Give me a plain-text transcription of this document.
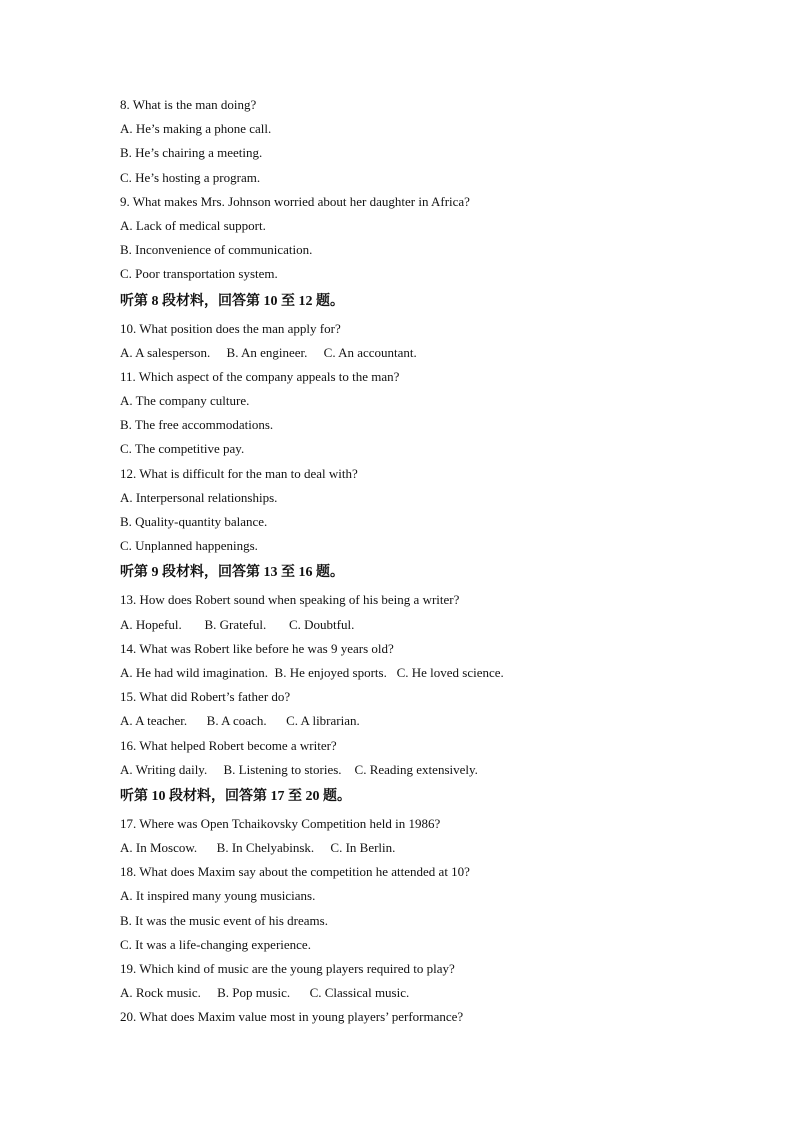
8. What is the man doing?
A. He’s making a phone call.
B. He’s chairing a meeting.
C. He’s hosting a program.
9. What makes Mrs. Johnson worried about her daughter in Africa?
A. Lack of medical support.
B. Inconvenience of communication.
C. Poor transportation system.
听第 8 段材料，回答第 10 至 12 题。
10. What position does the man apply for?
A. A salesperson.     B. An engineer.     C. An accountant.
11. Which aspect of the company appeals to the man?
A. The company culture.
B. The free accommodations.
C. The competitive pay.
12. What is difficult for the man to deal with?
A. Interpersonal relationships.
B. Quality-quantity balance.
C. Unplanned happenings.
听第 9 段材料，回答第 13 至 16 题。
13. How does Robert sound when speaking of his being a writer?
A. Hopeful.       B. Grateful.       C. Doubtful.
14. What was Robert like before he was 9 years old?
A. He had wild imagination.  B. He enjoyed sports.   C. He loved science.
15. What did Robert’s father do?
A. A teacher.      B. A coach.      C. A librarian.
16. What helped Robert become a writer?
A. Writing daily.     B. Listening to stories.    C. Reading extensively.
听第 10 段材料，回答第 17 至 20 题。
17. Where was Open Tchaikovsky Competition held in 1986?
A. In Moscow.      B. In Chelyabinsk.     C. In Berlin.
18. What does Maxim say about the competition he attended at 10?
A. It inspired many young musicians.
B. It was the music event of his dreams.
C. It was a life-changing experience.
19. Which kind of music are the young players required to play?
A. Rock music.     B. Pop music.      C. Classical music.
20. What does Maxim value most in young players’ performance?
